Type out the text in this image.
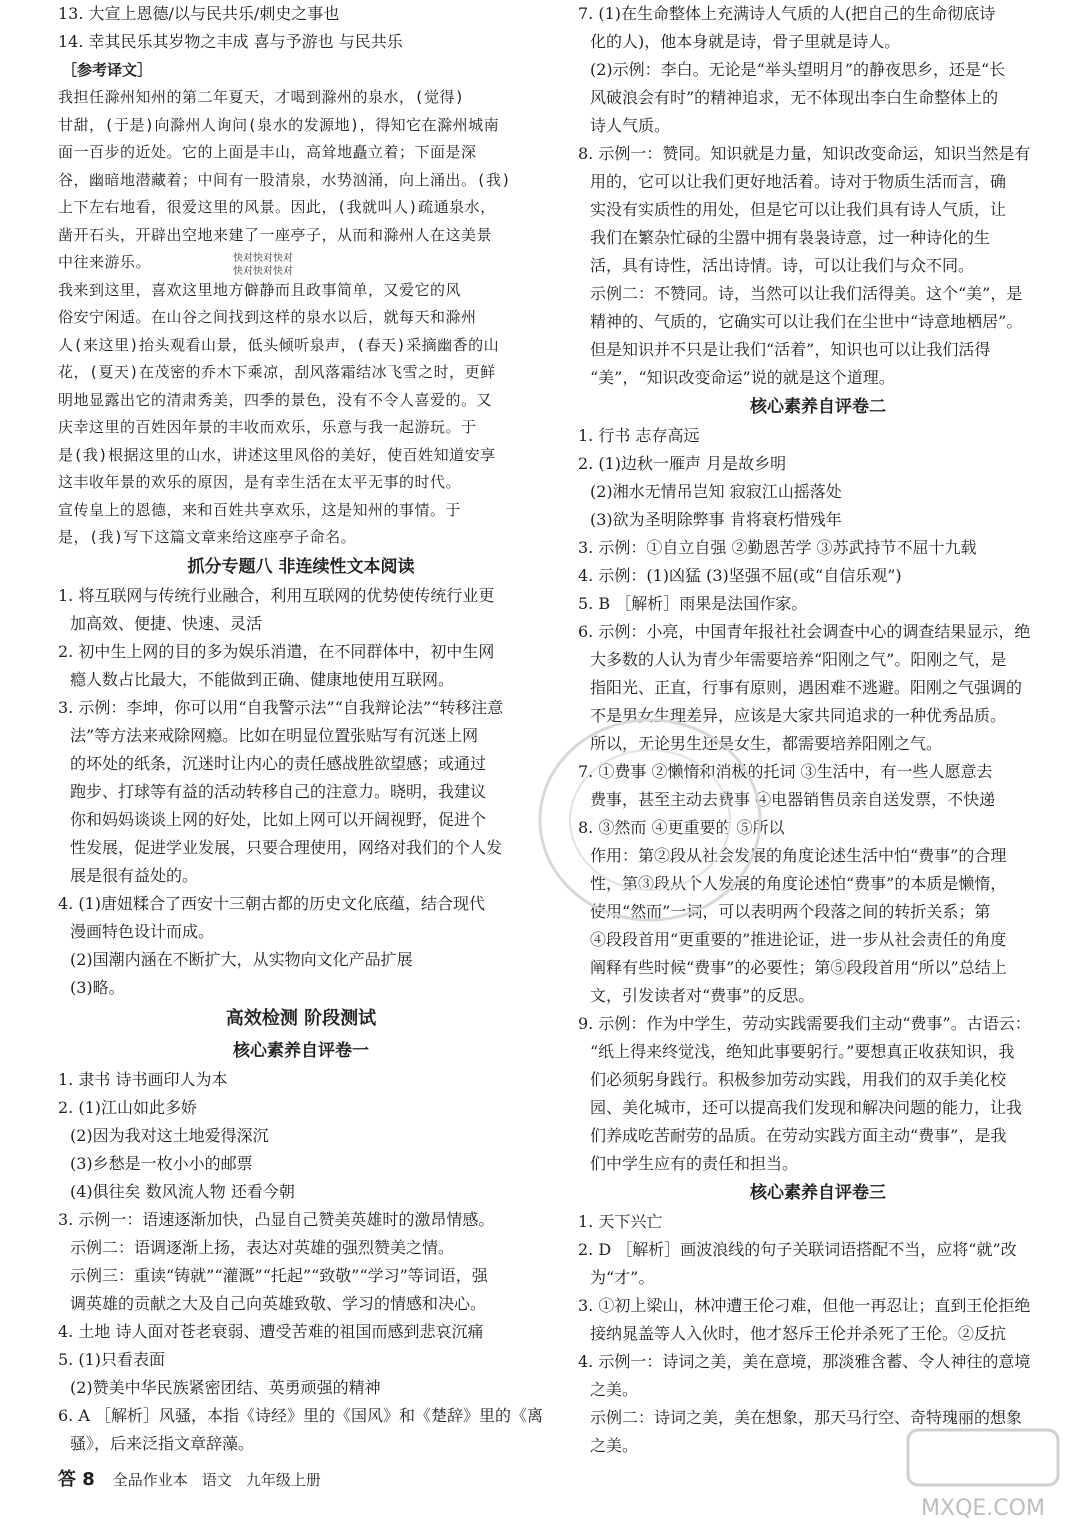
13. 大宣上恩德/以与民共乐/刺史之事也
14. 幸其民乐其岁物之丰成 喜与予游也 与民共乐
［参考译文］
我担任滁州知州的第二年夏天，才喝到滁州的泉水，(觉得)
甘甜，(于是)向滁州人询问(泉水的发源地)，得知它在滁州城南
面一百步的近处。它的上面是丰山，高耸地矗立着；下面是深
谷，幽暗地潜藏着；中间有一股清泉，水势汹涌，向上涌出。(我)
上下左右地看，很爱这里的风景。因此，(我就叫人)疏通泉水，
凿开石头，开辟出空地来建了一座亭子，从而和滁州人在这美景
中往来游乐。
我来到这里，喜欢这里地方僻静而且政事简单，又爱它的风
俗安宁闲适。在山谷之间找到这样的泉水以后，就每天和滁州
人(来这里)抬头观看山景，低头倾听泉声，(春天)采摘幽香的山
花，(夏天)在茂密的乔木下乘凉，刮风落霜结冰飞雪之时，更鲜
明地显露出它的清肃秀美，四季的景色，没有不令人喜爱的。又
庆幸这里的百姓因年景的丰收而欢乐，乐意与我一起游玩。于
是(我)根据这里的山水，讲述这里风俗的美好，使百姓知道安享
这丰收年景的欢乐的原因，是有幸生活在太平无事的时代。
宣传皇上的恩德，来和百姓共享欢乐，这是知州的事情。于
是，(我)写下这篇文章来给这座亭子命名。
抓分专题八 非连续性文本阅读
1. 将互联网与传统行业融合，利用互联网的优势使传统行业更
加高效、便捷、快速、灵活
2. 初中生上网的目的多为娱乐消遣，在不同群体中，初中生网
瘾人数占比最大，不能做到正确、健康地使用互联网。
3. 示例：李坤，你可以用“自我警示法”“自我辩论法”“转移注意
法”等方法来戒除网瘾。比如在明显位置张贴写有沉迷上网
的坏处的纸条，沉迷时让内心的责任感战胜欲望感；或通过
跑步、打球等有益的活动转移自己的注意力。晓明，我建议
你和妈妈谈谈上网的好处，比如上网可以开阔视野，促进个
性发展，促进学业发展，只要合理使用，网络对我们的个人发
展是很有益处的。
4. (1)唐妞糅合了西安十三朝古都的历史文化底蕴，结合现代
漫画特色设计而成。
(2)国潮内涵在不断扩大，从实物向文化产品扩展
(3)略。
高效检测 阶段测试
核心素养自评卷一
1. 隶书 诗书画印人为本
2. (1)江山如此多娇
(2)因为我对这土地爱得深沉
(3)乡愁是一枚小小的邮票
(4)俱往矣 数风流人物 还看今朝
3. 示例一：语速逐渐加快，凸显自己赞美英雄时的激昂情感。
示例二：语调逐渐上扬，表达对英雄的强烈赞美之情。
示例三：重读“铸就”“灌溉”“托起”“致敬”“学习”等词语，强
调英雄的贡献之大及自己向英雄致敬、学习的情感和决心。
4. 土地 诗人面对苍老衰弱、遭受苦难的祖国而感到悲哀沉痛
5. (1)只看表面
(2)赞美中华民族紧密团结、英勇顽强的精神
6. A ［解析］风骚，本指《诗经》里的《国风》和《楚辞》里的《离
骚》，后来泛指文章辞藻。
7. (1)在生命整体上充满诗人气质的人(把自己的生命彻底诗
化的人)，他本身就是诗，骨子里就是诗人。
(2)示例：李白。无论是“举头望明月”的静夜思乡，还是“长
风破浪会有时”的精神追求，无不体现出李白生命整体上的
诗人气质。
8. 示例一：赞同。知识就是力量，知识改变命运，知识当然是有
用的，它可以让我们更好地活着。诗对于物质生活而言，确
实没有实质性的用处，但是它可以让我们具有诗人气质，让
我们在繁杂忙碌的尘嚣中拥有袅袅诗意，过一种诗化的生
活，具有诗性，活出诗情。诗，可以让我们与众不同。
示例二：不赞同。诗，当然可以让我们活得美。这个“美”，是
精神的、气质的，它确实可以让我们在尘世中“诗意地栖居”。
但是知识并不只是让我们“活着”，知识也可以让我们活得
“美”，“知识改变命运”说的就是这个道理。
核心素养自评卷二
1. 行书 志存高远
2. (1)边秋一雁声 月是故乡明
(2)湘水无情吊岂知 寂寂江山摇落处
(3)欲为圣明除弊事 肯将衰朽惜残年
3. 示例：①自立自强 ②勤恩苦学 ③苏武持节不屈十九载
4. 示例：(1)凶猛 (3)坚强不屈(或“自信乐观”)
5. B ［解析］雨果是法国作家。
6. 示例：小亮，中国青年报社社会调查中心的调查结果显示，绝
大多数的人认为青少年需要培养“阳刚之气”。阳刚之气，是
指阳光、正直，行事有原则，遇困难不逃避。阳刚之气强调的
不是男女生理差异，应该是大家共同追求的一种优秀品质。
所以，无论男生还是女生，都需要培养阳刚之气。
7. ①费事 ②懒惰和消极的托词 ③生活中，有一些人愿意去
费事，甚至主动去费事 ④电器销售员亲自送发票，不快递
8. ③然而 ④更重要的 ⑤所以
作用：第②段从社会发展的角度论述生活中怕“费事”的合理
性，第③段从个人发展的角度论述怕“费事”的本质是懒惰，
使用“然而”一词，可以表明两个段落之间的转折关系；第
④段段首用“更重要的”推进论证，进一步从社会责任的角度
阐释有些时候“费事”的必要性；第⑤段段首用“所以”总结上
文，引发读者对“费事”的反思。
9. 示例：作为中学生，劳动实践需要我们主动“费事”。古语云：
“纸上得来终觉浅，绝知此事要躬行。”要想真正收获知识，我
们必须躬身践行。积极参加劳动实践，用我们的双手美化校
园、美化城市，还可以提高我们发现和解决问题的能力，让我
们养成吃苦耐劳的品质。在劳动实践方面主动“费事”，是我
们中学生应有的责任和担当。
核心素养自评卷三
1. 天下兴亡
2. D ［解析］画波浪线的句子关联词语搭配不当，应将“就”改
为“才”。
3. ①初上梁山，林冲遭王伦刁难，但他一再忍让；直到王伦拒绝
接纳晁盖等人入伙时，他才怒斥王伦并杀死了王伦。②反抗
4. 示例一：诗词之美，美在意境，那淡雅含蓄、令人神往的意境
之美。
示例二：诗词之美，美在想象，那天马行空、奇特瑰丽的想象
之美。
快对快对快对
快对快对快对
MXQE.COM
答 8 全品作业本 语文 九年级上册
